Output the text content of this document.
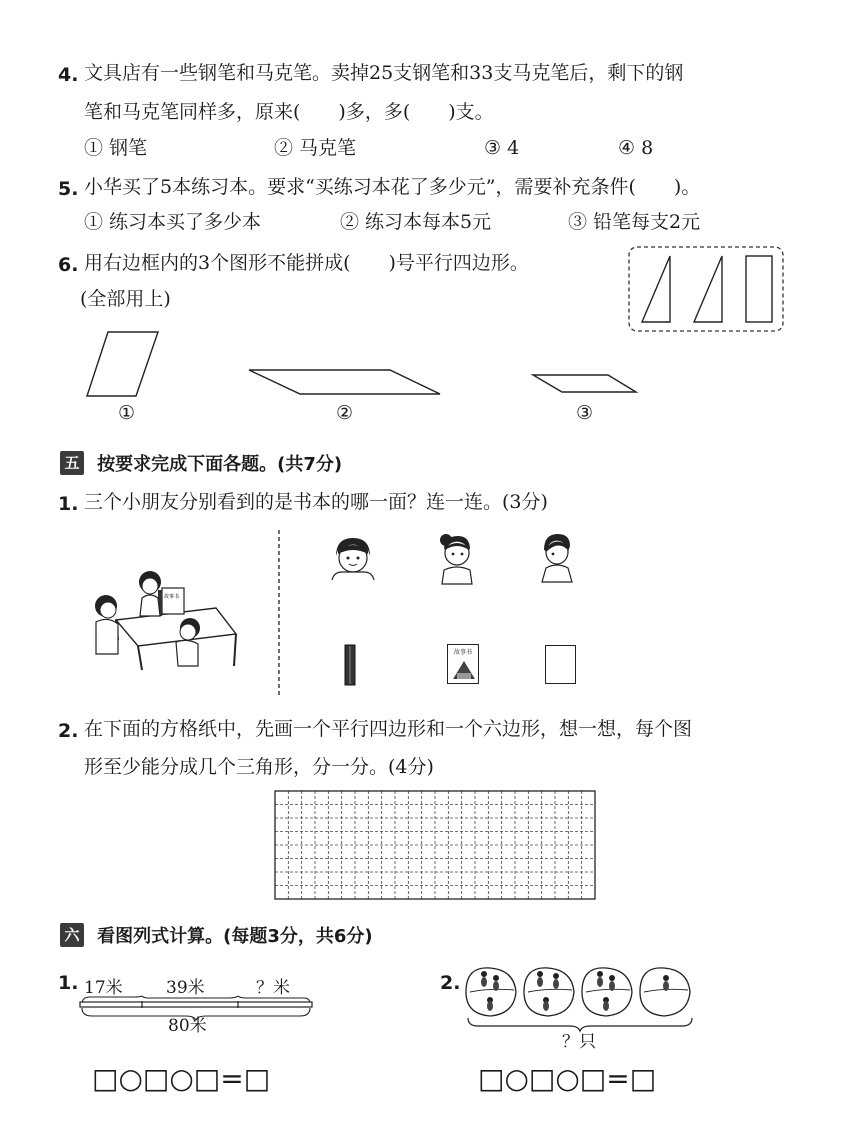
4. 文具店有一些钢笔和马克笔。卖掉25支钢笔和33支马克笔后，剩下的钢
笔和马克笔同样多，原来(　　)多，多(　　)支。
① 钢笔	② 马克笔	③ 4	④ 8
5. 小华买了5本练习本。要求“买练习本花了多少元”，需要补充条件(　　)。
① 练习本买了多少本	② 练习本每本5元	③ 铅笔每支2元
6. 用右边框内的3个图形不能拼成(　　)号平行四边形。
(全部用上)
①	②	③
五 按要求完成下面各题。(共7分)
1. 三个小朋友分别看到的是书本的哪一面？连一连。(3分)
故事书
故事书
2. 在下面的方格纸中，先画一个平行四边形和一个六边形，想一想，每个图
形至少能分成几个三角形，分一分。(4分)
六 看图列式计算。(每题3分，共6分)
1. 17米	39米	？米
80米
□○□○□=□
2.
？只
□○□○□=□
